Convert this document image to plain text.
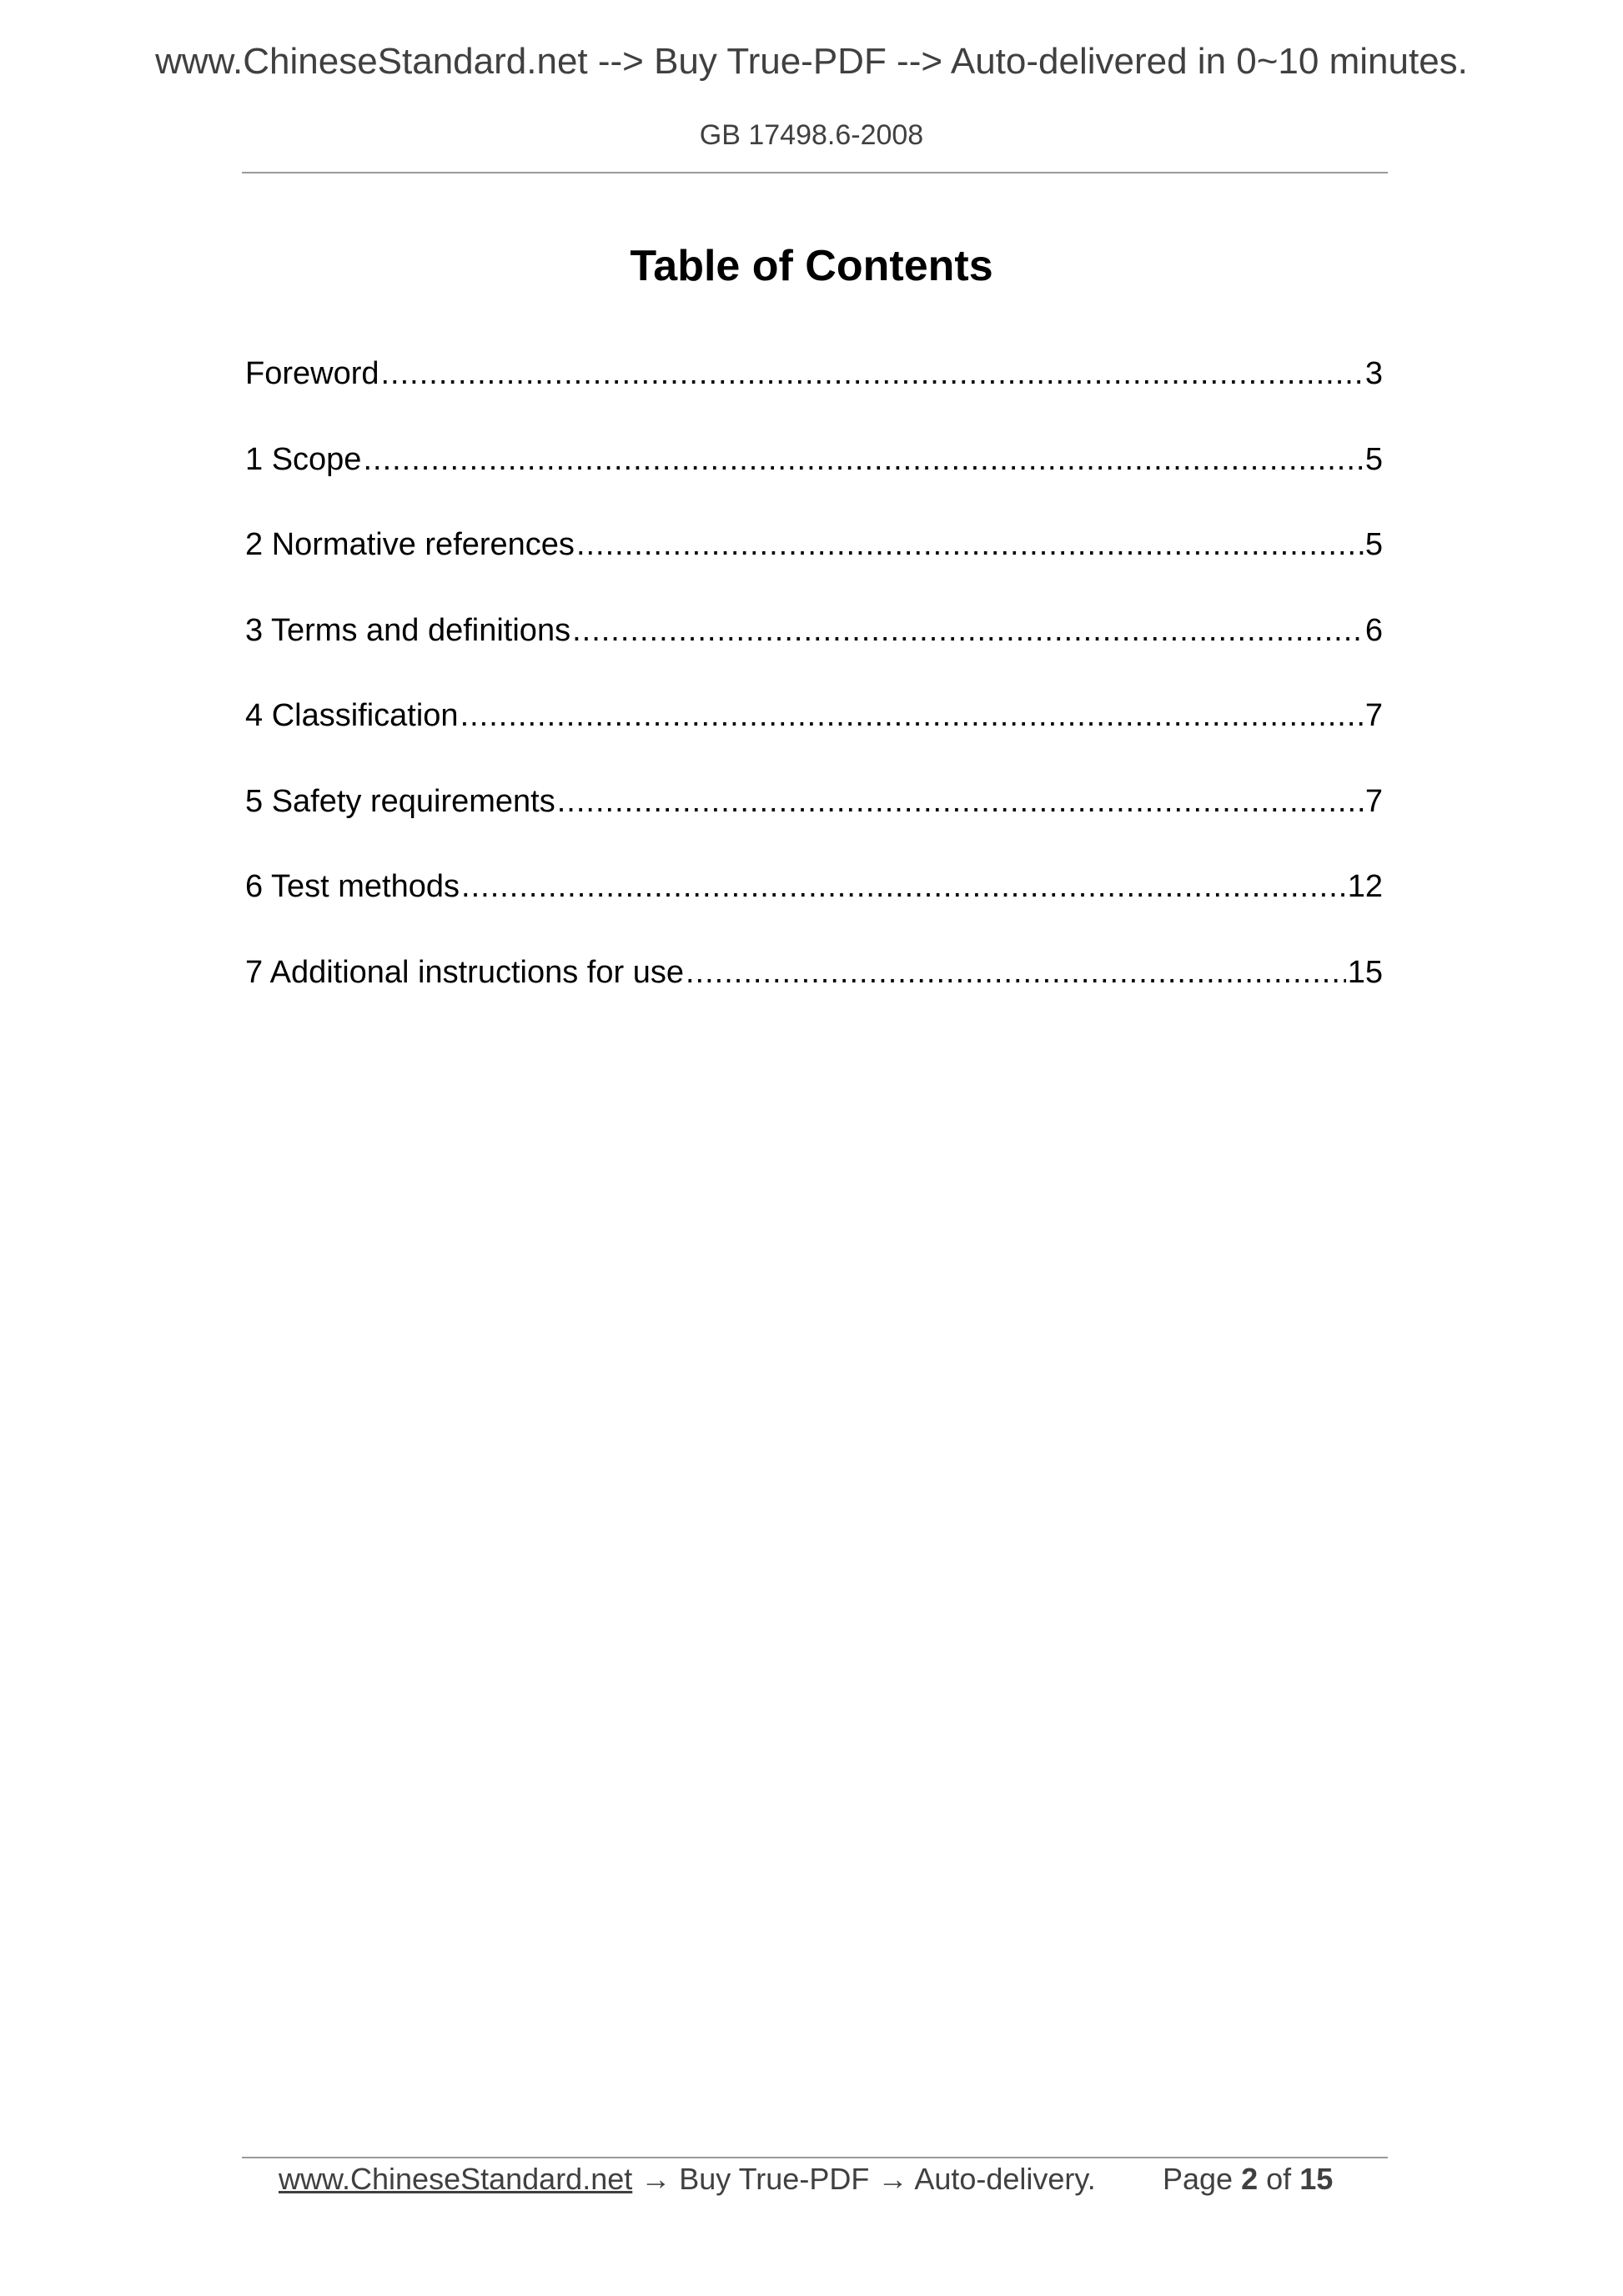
www.ChineseStandard.net --> Buy True-PDF --> Auto-delivered in 0~10 minutes.
GB 17498.6-2008
Table of Contents
Foreword .....	3
1 Scope .....	5
2 Normative references .....	5
3 Terms and definitions .....	6
4 Classification .....	7
5 Safety requirements .....	7
6 Test methods .....	12
7 Additional instructions for use .....	15
www.ChineseStandard.net → Buy True-PDF → Auto-delivery. Page 2 of 15
